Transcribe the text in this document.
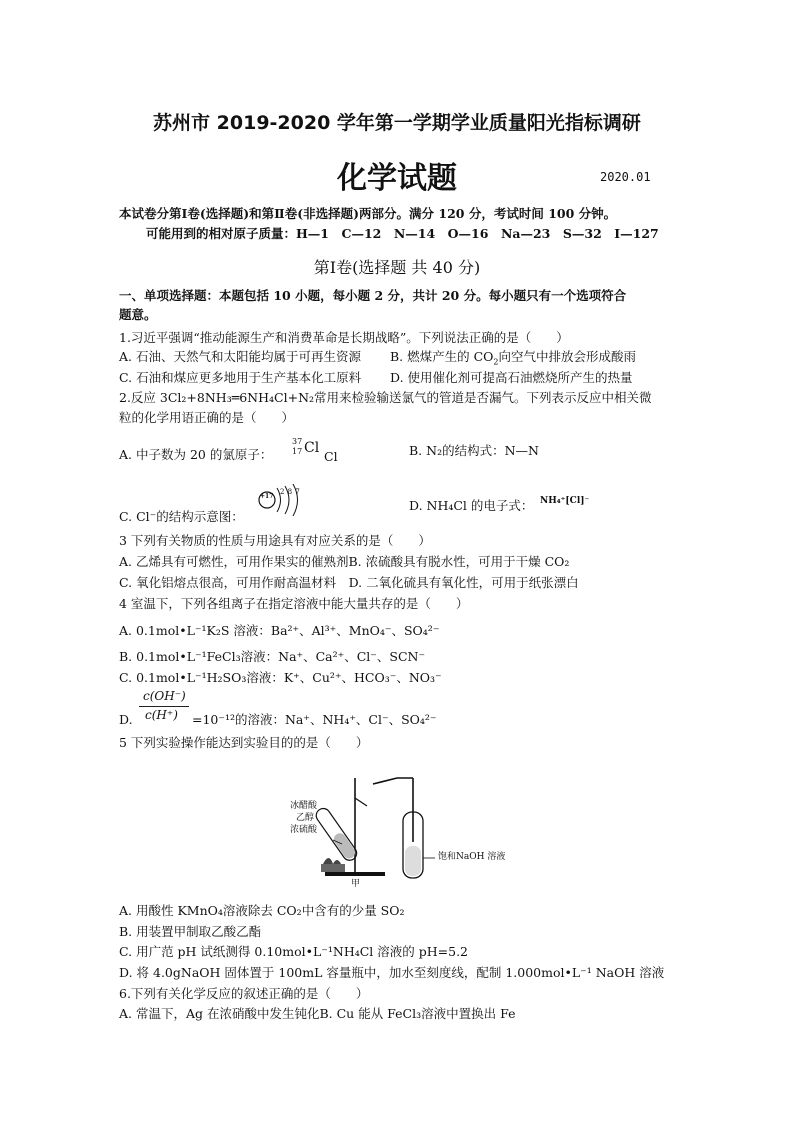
苏州市 2019-2020 学年第一学期学业质量阳光指标调研
化学试题	2020.01
本试卷分第Ⅰ卷(选择题)和第Ⅱ卷(非选择题)两部分。满分 120 分，考试时间 100 分钟。
可能用到的相对原子质量：H—1　C—12　N—14　O—16　Na—23　S—32　I—127
第Ⅰ卷(选择题 共 40 分)
一、单项选择题：本题包括 10 小题，每小题 2 分，共计 20 分。每小题只有一个选项符合
题意。
1.习近平强调“推动能源生产和消费革命是长期战略”。下列说法正确的是（　　）
A. 石油、天然气和太阳能均属于可再生资源 B. 燃煤产生的 $CO_2$向空气中排放会形成酸雨
C. 石油和煤应更多地用于生产基本化工原料 D. 使用催化剂可提高石油燃烧所产生的热量
2.反应 3Cl₂+8NH₃═6NH₄Cl+N₂常用来检验输送氯气的管道是否漏气。下列表示反应中相关微
粒的化学用语正确的是（　　）
A. 中子数为 20 的氯原子：
37
17 Cl
Cl	B. N₂的结构式：N—N
C. Cl⁻的结构示意图：
+17
2 8 7
D. NH₄Cl 的电子式： NH₄⁺[Cl]⁻
3 下列有关物质的性质与用途具有对应关系的是（　　）
A. 乙烯具有可燃性，可用作果实的催熟剂B. 浓硫酸具有脱水性，可用于干燥 CO₂
C. 氧化铝熔点很高，可用作耐高温材料　D. 二氧化硫具有氧化性，可用于纸张漂白
4 室温下，下列各组离子在指定溶液中能大量共存的是（　　）
A. 0.1mol•L⁻¹K₂S 溶液：Ba²⁺、Al³⁺、MnO₄⁻、SO₄²⁻
B. 0.1mol•L⁻¹FeCl₃溶液：Na⁺、Ca²⁺、Cl⁻、SCN⁻
C. 0.1mol•L⁻¹H₂SO₃溶液：K⁺、Cu²⁺、HCO₃⁻、NO₃⁻
D.
c(OH⁻)
c(H⁺) =10⁻¹²的溶液：Na⁺、NH₄⁺、Cl⁻、SO₄²⁻
5 下列实验操作能达到实验目的的是（　　）
冰醋酸
乙醇
浓硫酸
饱和NaOH 溶液
甲
A. 用酸性 KMnO₄溶液除去 CO₂中含有的少量 SO₂
B. 用装置甲制取乙酸乙酯
C. 用广范 pH 试纸测得 0.10mol•L⁻¹NH₄Cl 溶液的 pH=5.2
D. 将 4.0gNaOH 固体置于 100mL 容量瓶中，加水至刻度线，配制 1.000mol•L⁻¹ NaOH 溶液
6.下列有关化学反应的叙述正确的是（　　）
A. 常温下，Ag 在浓硝酸中发生钝化B. Cu 能从 FeCl₃溶液中置换出 Fe
